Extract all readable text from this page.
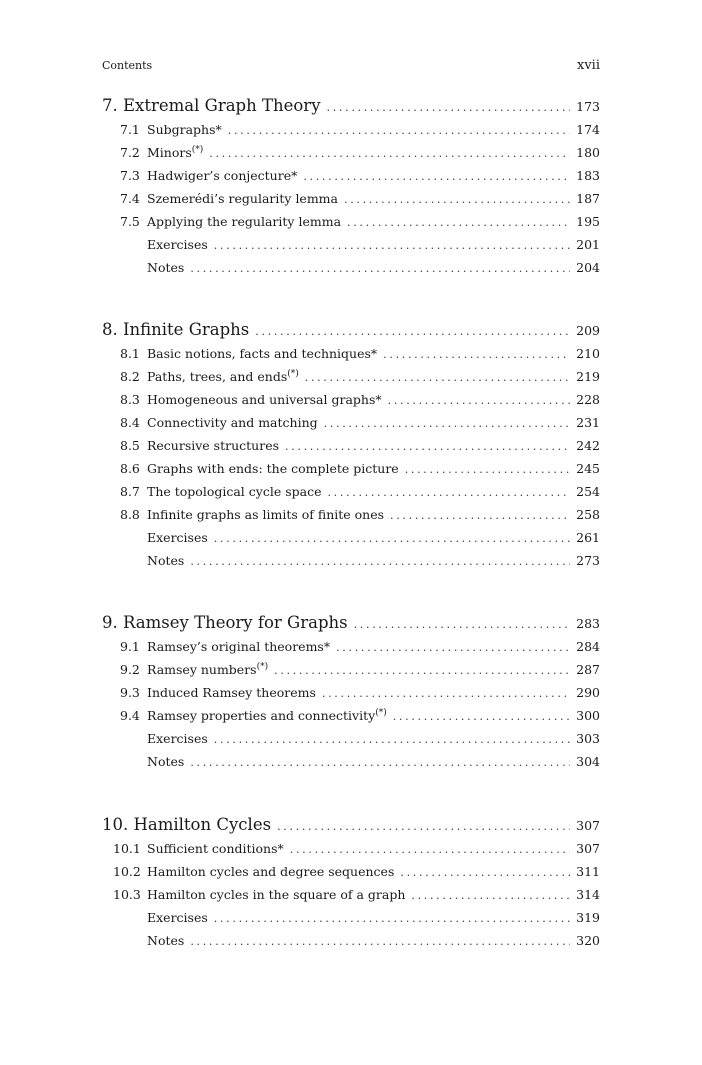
Contents	xvii
7. Extremal Graph Theory .....	173
7.1 Subgraphs* .....	174
7.2 Minors(*) .....	180
7.3 Hadwiger’s conjecture* .....	183
7.4 Szemerédi’s regularity lemma .....	187
7.5 Applying the regularity lemma .....	195
Exercises .....	201
Notes .....	204
8. Infinite Graphs .....	209
8.1 Basic notions, facts and techniques* .....	210
8.2 Paths, trees, and ends(*) .....	219
8.3 Homogeneous and universal graphs* .....	228
8.4 Connectivity and matching .....	231
8.5 Recursive structures .....	242
8.6 Graphs with ends: the complete picture .....	245
8.7 The topological cycle space .....	254
8.8 Infinite graphs as limits of finite ones .....	258
Exercises .....	261
Notes .....	273
9. Ramsey Theory for Graphs .....	283
9.1 Ramsey’s original theorems* .....	284
9.2 Ramsey numbers(*) .....	287
9.3 Induced Ramsey theorems .....	290
9.4 Ramsey properties and connectivity(*) .....	300
Exercises .....	303
Notes .....	304
10. Hamilton Cycles .....	307
10.1 Sufficient conditions* .....	307
10.2 Hamilton cycles and degree sequences .....	311
10.3 Hamilton cycles in the square of a graph .....	314
Exercises .....	319
Notes .....	320
